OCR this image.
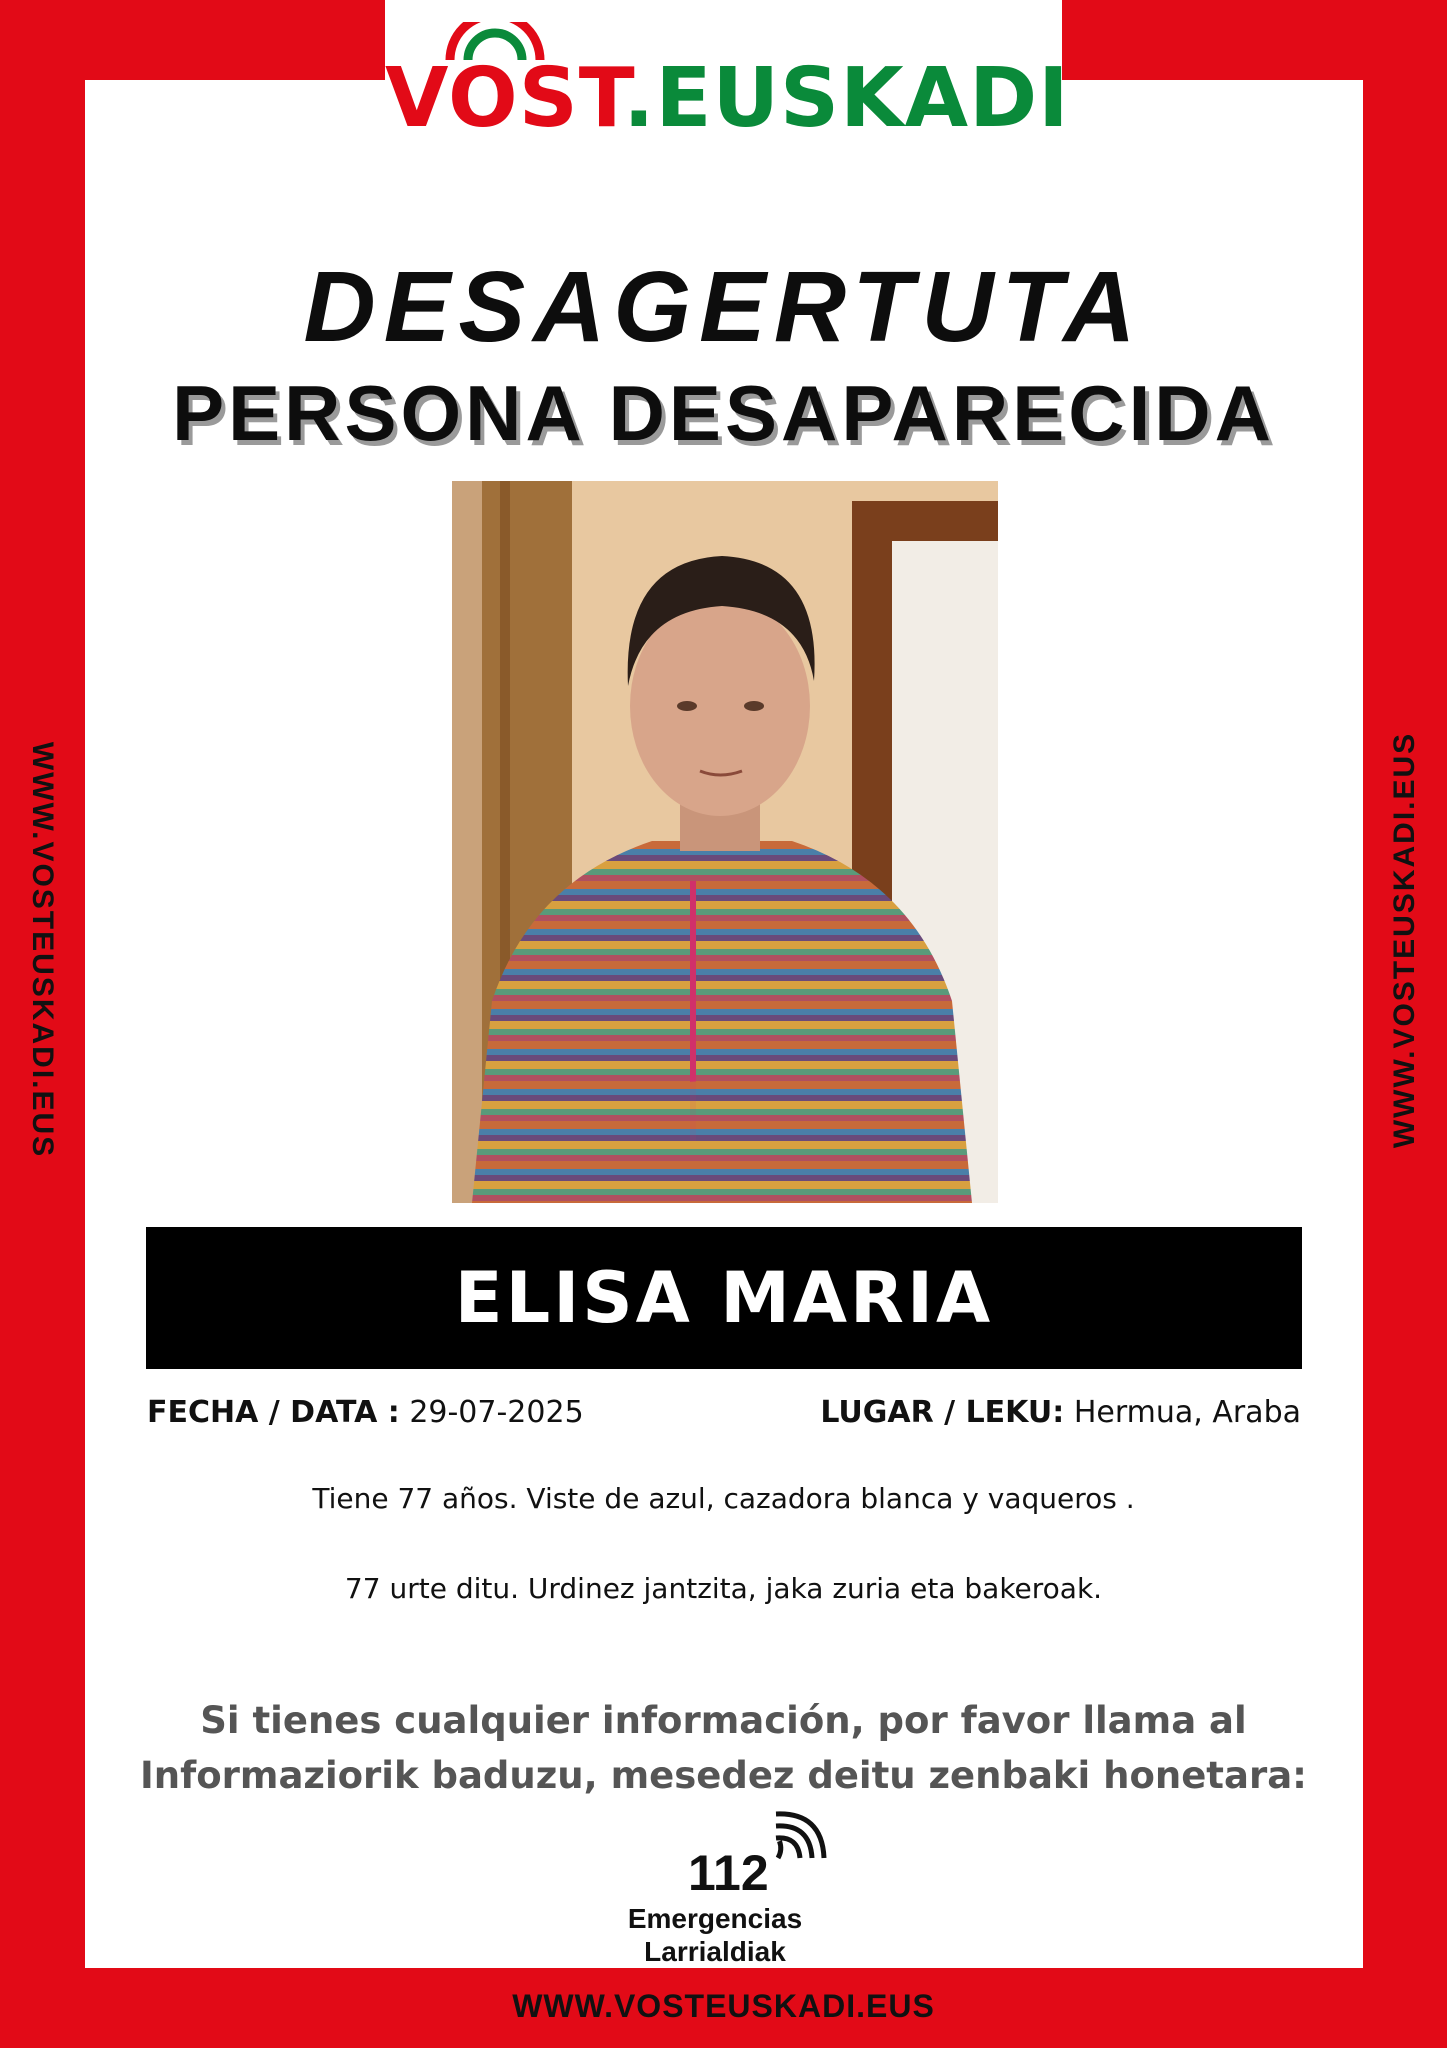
VOST.EUSKADI
WWW.VOSTEUSKADI.EUS	WWW.VOSTEUSKADI.EUS
DESAGERTUTA
PERSONA DESAPARECIDA
ELISA MARIA
FECHA / DATA : 29-07-2025	LUGAR / LEKU: Hermua, Araba
Tiene 77 años. Viste de azul, cazadora blanca y vaqueros .
77 urte ditu. Urdinez jantzita, jaka zuria eta bakeroak.
Si tienes cualquier información, por favor llama al
Informaziorik baduzu, mesedez deitu zenbaki honetara:
112
Emergencias
Larrialdiak
WWW.VOSTEUSKADI.EUS
